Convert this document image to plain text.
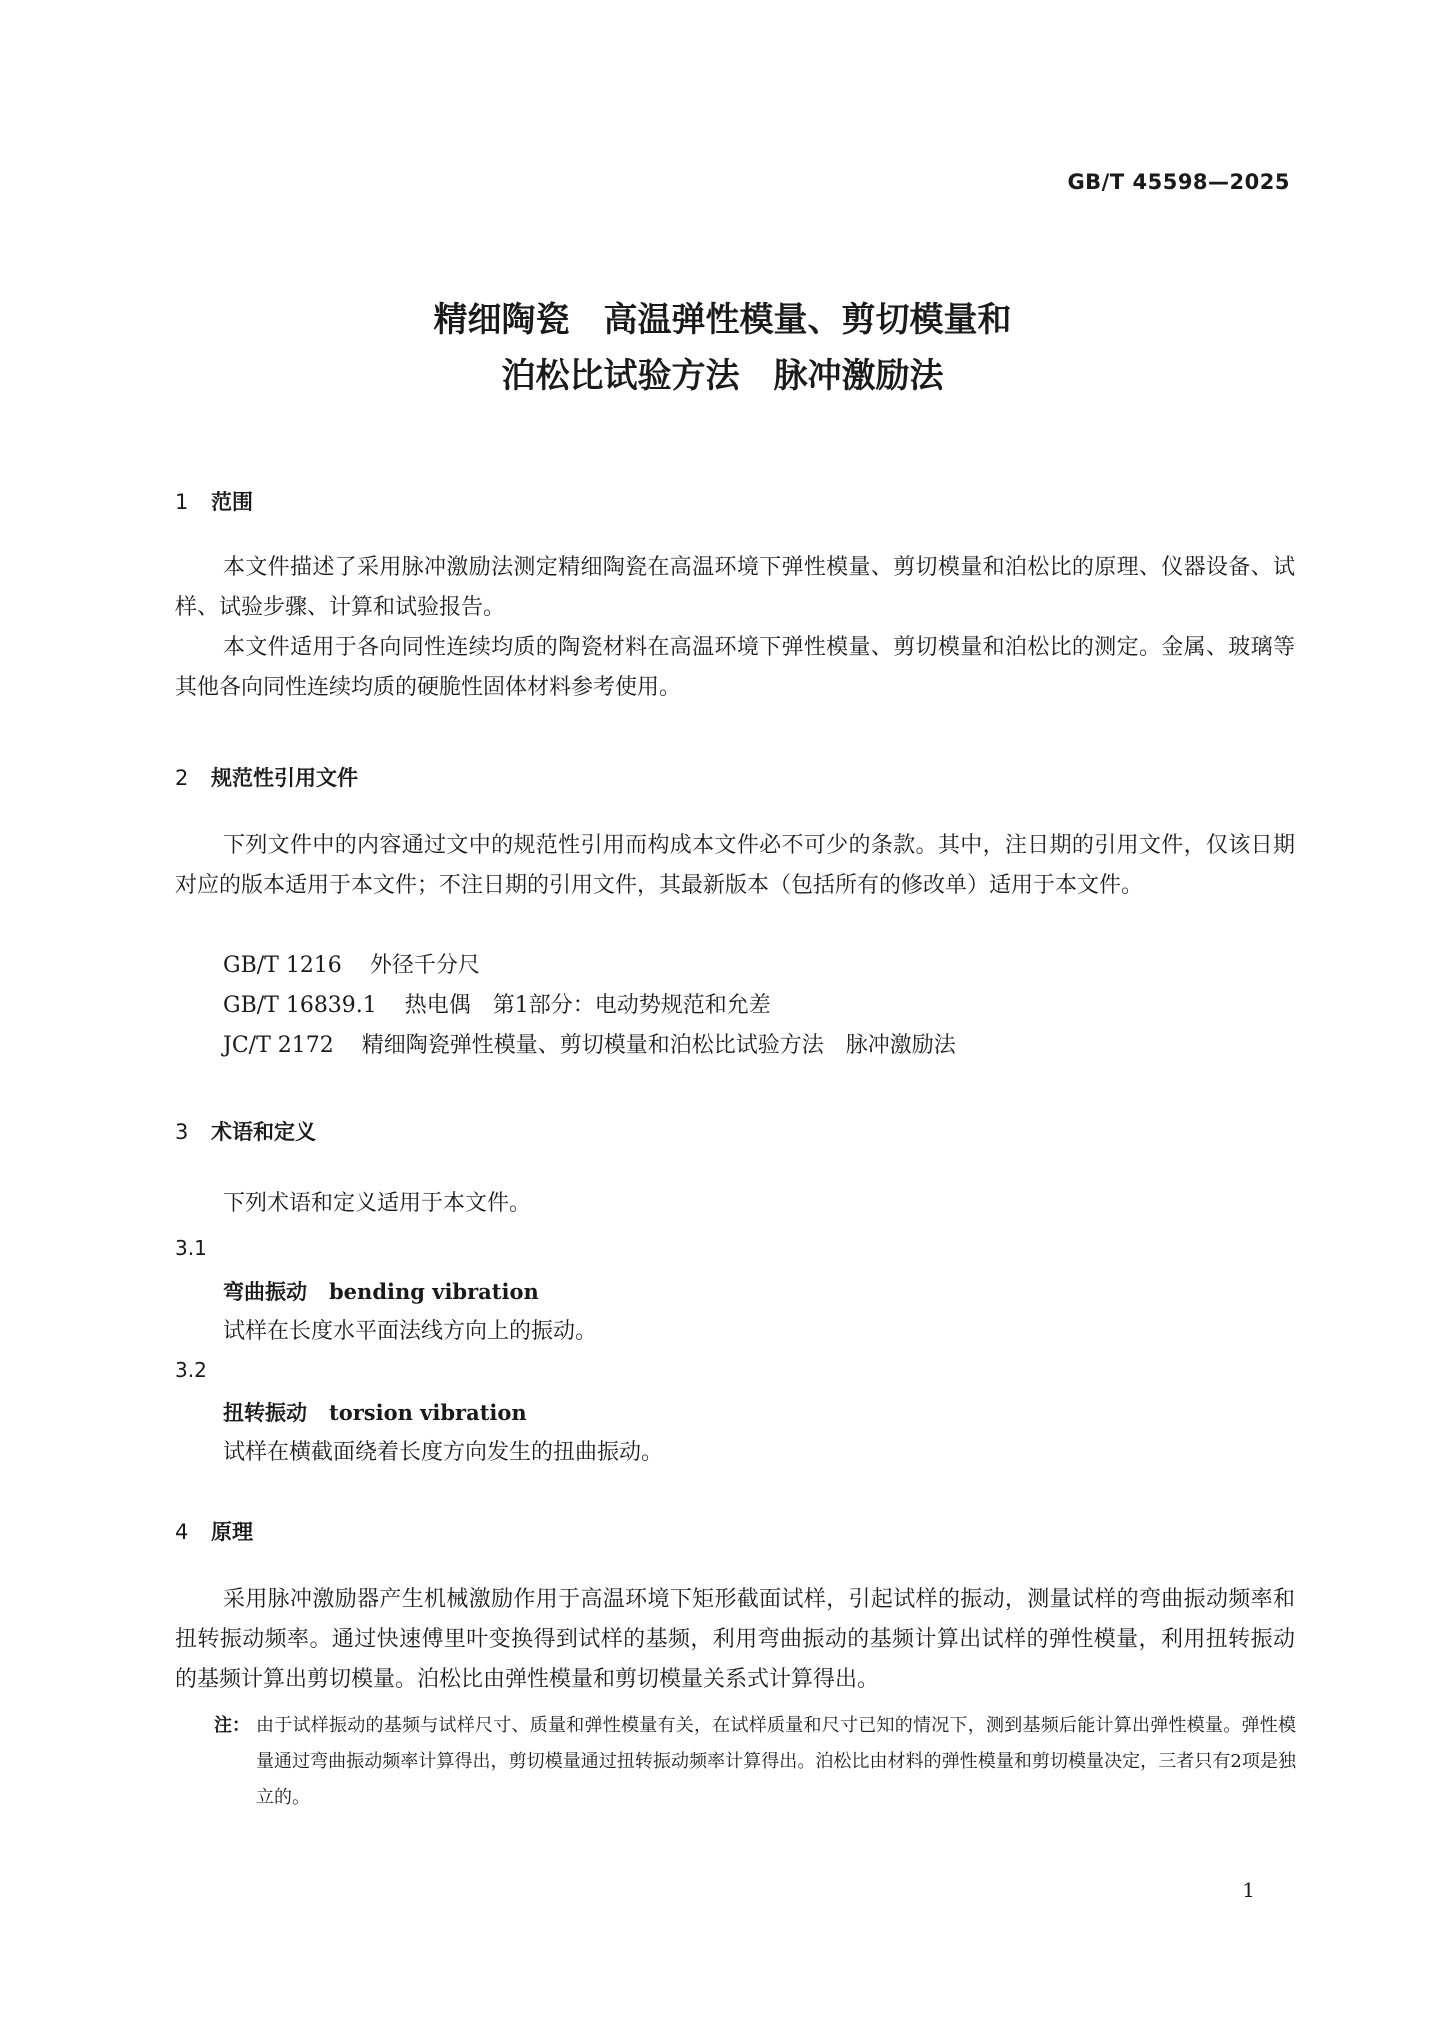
GB/T 45598—2025
精细陶瓷　高温弹性模量、剪切模量和
泊松比试验方法　脉冲激励法
1 范围
本文件描述了采用脉冲激励法测定精细陶瓷在高温环境下弹性模量、剪切模量和泊松比的原理、仪器设备、试样、试验步骤、计算和试验报告。
本文件适用于各向同性连续均质的陶瓷材料在高温环境下弹性模量、剪切模量和泊松比的测定。金属、玻璃等其他各向同性连续均质的硬脆性固体材料参考使用。
2 规范性引用文件
下列文件中的内容通过文中的规范性引用而构成本文件必不可少的条款。其中，注日期的引用文件，仅该日期对应的版本适用于本文件；不注日期的引用文件，其最新版本（包括所有的修改单）适用于本文件。
GB/T 1216 外径千分尺
GB/T 16839.1 热电偶　第1部分：电动势规范和允差
JC/T 2172 精细陶瓷弹性模量、剪切模量和泊松比试验方法　脉冲激励法
3 术语和定义
下列术语和定义适用于本文件。
3.1
弯曲振动 bending vibration
试样在长度水平面法线方向上的振动。
3.2
扭转振动 torsion vibration
试样在横截面绕着长度方向发生的扭曲振动。
4 原理
采用脉冲激励器产生机械激励作用于高温环境下矩形截面试样，引起试样的振动，测量试样的弯曲振动频率和扭转振动频率。通过快速傅里叶变换得到试样的基频，利用弯曲振动的基频计算出试样的弹性模量，利用扭转振动的基频计算出剪切模量。泊松比由弹性模量和剪切模量关系式计算得出。
注： 由于试样振动的基频与试样尺寸、质量和弹性模量有关，在试样质量和尺寸已知的情况下，测到基频后能计算出弹性模量。弹性模量通过弯曲振动频率计算得出，剪切模量通过扭转振动频率计算得出。泊松比由材料的弹性模量和剪切模量决定，三者只有2项是独立的。
1
